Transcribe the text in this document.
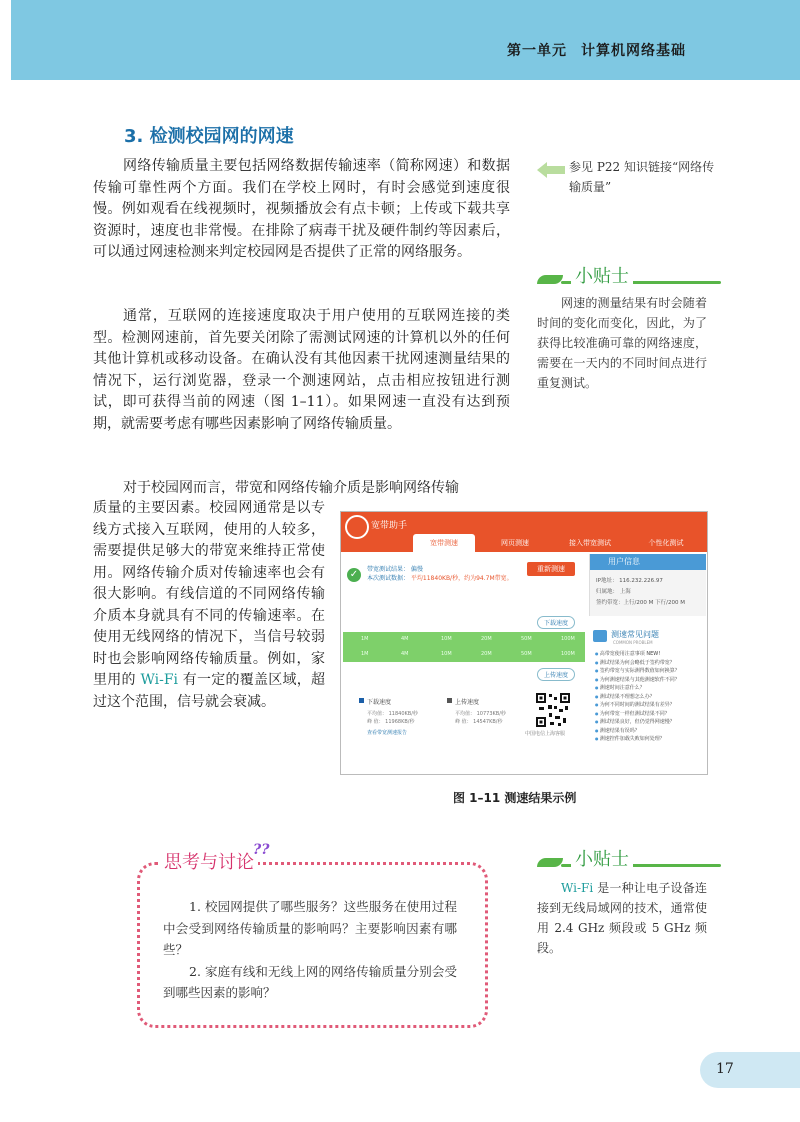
第一单元 计算机网络基础
3. 检测校园网的网速
网络传输质量主要包括网络数据传输速率（简称网速）和数据传输可靠性两个方面。我们在学校上网时，有时会感觉到速度很慢。例如观看在线视频时，视频播放会有点卡顿；上传或下载共享资源时，速度也非常慢。在排除了病毒干扰及硬件制约等因素后，可以通过网速检测来判定校园网是否提供了正常的网络服务。
通常，互联网的连接速度取决于用户使用的互联网连接的类型。检测网速前，首先要关闭除了需测试网速的计算机以外的任何其他计算机或移动设备。在确认没有其他因素干扰网速测量结果的情况下，运行浏览器，登录一个测速网站，点击相应按钮进行测试，即可获得当前的网速（图 1–11）。如果网速一直没有达到预期，就需要考虑有哪些因素影响了网络传输质量。
对于校园网而言，带宽和网络传输介质是影响网络传输
质量的主要因素。校园网通常是以专线方式接入互联网，使用的人较多，需要提供足够大的带宽来维持正常使用。网络传输介质对传输速率也会有很大影响。有线信道的不同网络传输介质本身就具有不同的传输速率。在使用无线网络的情况下，当信号较弱时也会影响网络传输质量。例如，家里用的 Wi-Fi 有一定的覆盖区域，超过这个范围，信号就会衰减。
参见 P22 知识链接“网络传输质量”
小贴士
网速的测量结果有时会随着时间的变化而变化，因此，为了获得比较准确可靠的网络速度，需要在一天内的不同时间点进行重复测试。
宽带助手
宽带测速	网页测速	接入带宽测试	个性化测试
✓	带宽测试结果： 偏慢
本次测试数据： 平均11840KB/秒，约为94.7M带宽。
重新测速
用户信息
IP地址： 116.232.226.97
归属地： 上海
签约带宽：上行/200 M 下行/200 M
下载速度
1M	4M	10M	20M	50M	100M
1M	4M	10M	20M	50M	100M
上传速度
测速常见问题
COMMON PROBLEM
● 高带宽使用注意事项 NEW!
● 测试结果为何会略低于签约带宽？
● 签约带宽与实际测得数值如何换算？
● 为何测速结果与其他测速软件不同？
● 测速时间注意什么？
● 测试结果不理想怎么办？
● 为何不同时间的测试结果有差异？
● 为何带宽一样但测试结果不同？
● 测试结果良好，但仍觉得网速慢？
● 测速结果有误吗？
● 测速控件加载失败如何处理？
下载速度	上传速度
平均值： 11840KB/秒
峰 值： 11968KB/秒
平均值： 10773KB/秒
峰 值： 14547KB/秒
查看带宽测速报告	中国电信上海客服
图 1–11 测速结果示例
小贴士
Wi-Fi 是一种让电子设备连接到无线局域网的技术，通常使用 2.4 GHz 频段或 5 GHz 频段。
思考与讨论
??

1. 校园网提供了哪些服务？这些服务在使用过程中会受到网络传输质量的影响吗？主要影响因素有哪些？

2. 家庭有线和无线上网的网络传输质量分别会受到哪些因素的影响？

17
